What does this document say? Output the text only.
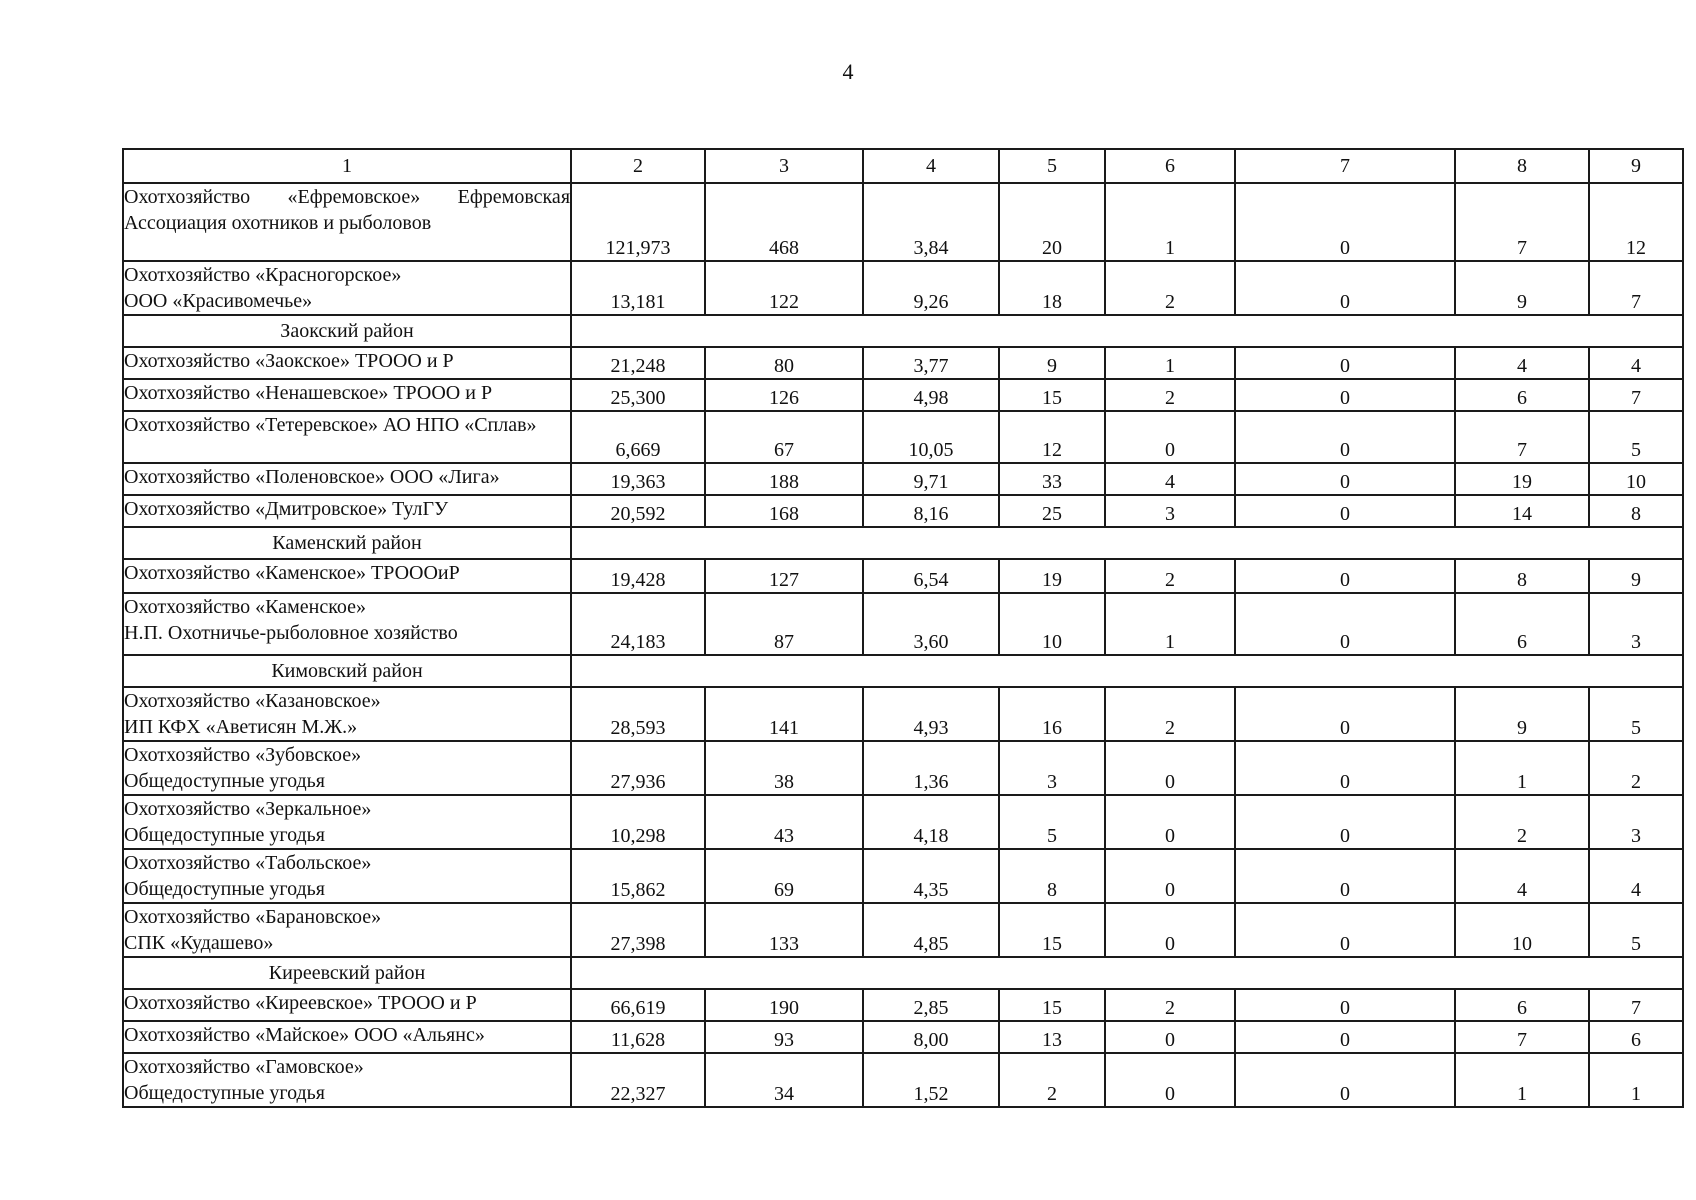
4
1	2	3	4	5	6	7	8	9
Охотхозяйство «Ефремовское» Ефремовская Ассоциация охотников и рыболовов	121,973	468	3,84	20	1	0	7	12

Охотхозяйство «Красногорское»
ООО «Красивомечье»	13,181	122	9,26	18	2	0	9	7
Заокский район								

Охотхозяйство «Заокское» ТРООО и Р	21,248	80	3,77	9	1	0	4	4

Охотхозяйство «Ненашевское» ТРООО и Р	25,300	126	4,98	15	2	0	6	7
Охотхозяйство «Тетеревское» АО НПО «Сплав»	6,669	67	10,05	12	0	0	7	5

Охотхозяйство «Поленовское» ООО «Лига»	19,363	188	9,71	33	4	0	19	10

Охотхозяйство «Дмитровское» ТулГУ	20,592	168	8,16	25	3	0	14	8
Каменский район								

Охотхозяйство «Каменское» ТРОООиР	19,428	127	6,54	19	2	0	8	9

Охотхозяйство «Каменское»
Н.П. Охотничье-рыболовное хозяйство	24,183	87	3,60	10	1	0	6	3
Кимовский район								

Охотхозяйство «Казановское»
ИП КФХ «Аветисян М.Ж.»	28,593	141	4,93	16	2	0	9	5

Охотхозяйство «Зубовское»
Общедоступные угодья	27,936	38	1,36	3	0	0	1	2

Охотхозяйство «Зеркальное»
Общедоступные угодья	10,298	43	4,18	5	0	0	2	3

Охотхозяйство «Табольское»
Общедоступные угодья	15,862	69	4,35	8	0	0	4	4

Охотхозяйство «Барановское»
СПК «Кудашево»	27,398	133	4,85	15	0	0	10	5
Киреевский район								

Охотхозяйство «Киреевское» ТРООО и Р	66,619	190	2,85	15	2	0	6	7

Охотхозяйство «Майское» ООО «Альянс»	11,628	93	8,00	13	0	0	7	6

Охотхозяйство «Гамовское»
Общедоступные угодья	22,327	34	1,52	2	0	0	1	1
